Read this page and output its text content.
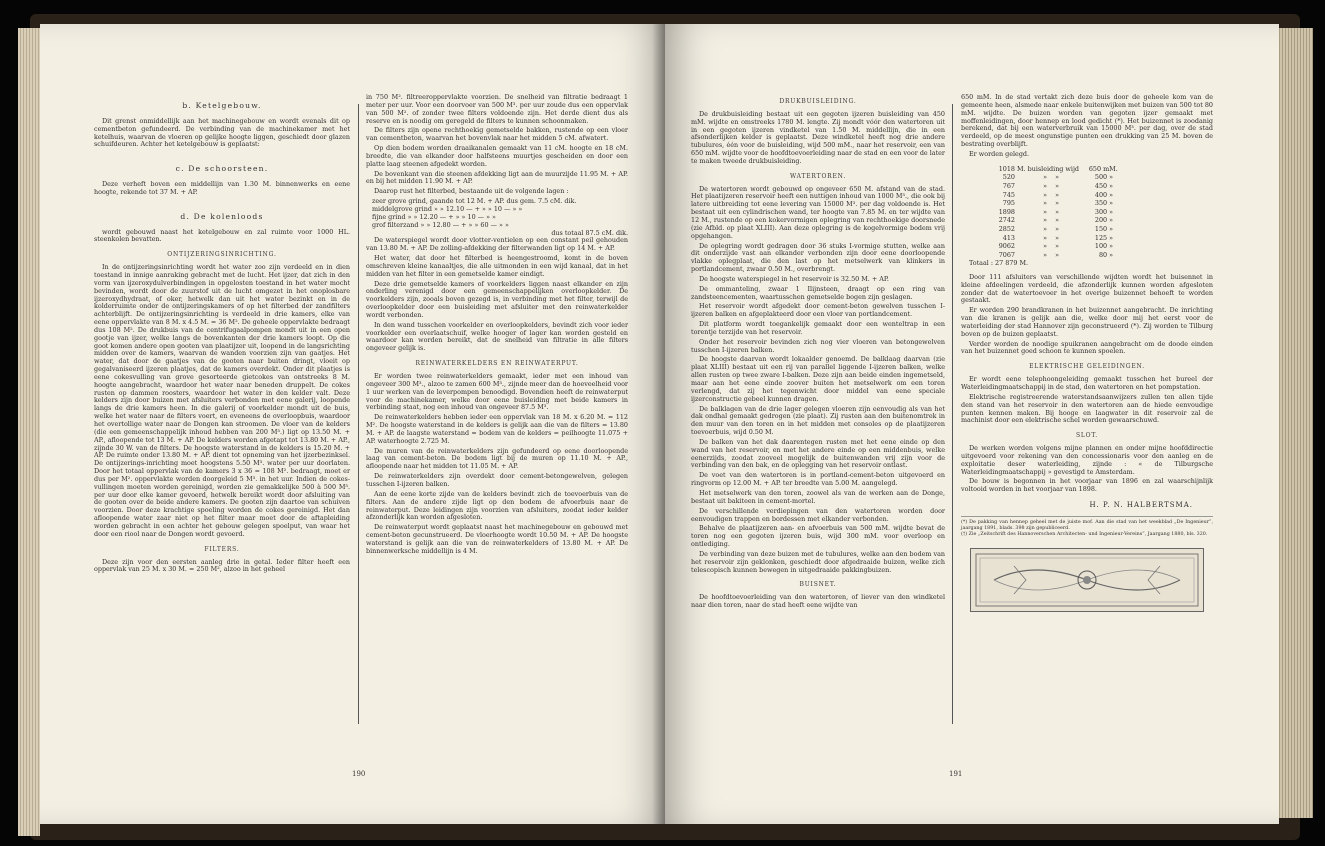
b. Ketelgebouw.

Dit grenst onmiddellijk aan het machinegebouw en wordt evenals dit op cementbeton gefundeerd. De verbinding van de machinekamer met het ketelhuis, waarvan de vloeren op gelijke hoogte liggen, geschiedt door glazen schuifdeuren. Achter het ketelgebouw is geplaatst:

c. De schoorsteen.

Deze verheft boven een middellijn van 1.30 M. binnenwerks en eene hoogte, rekende tot 37 M. + AP.

d. De kolenloods

wordt gebouwd naast het ketelgebouw en zal ruimte voor 1000 HL. steenkolen bevatten.

ONTIJZERINGSINRICHTING.

In de ontijzeringsinrichting wordt het water zoo zijn verdeeld en in dien toestand in innige aanraking gebracht met de lucht. Het ijzer, dat zich in den vorm van ijzeroxydulverbindingen in opgelosten toestand in het water mocht bevinden, wordt door de zuurstof uit de lucht omgezet in het onoplosbare ijzeroxydhydraat, of oker, hetwelk dan uit het water bezinkt en in de kolderruimte onder de ontijzeringskamers of op het filterbed der zandfilters achterblijft. De ontijzeringsinrichting is verdeeld in drie kamers, elke van eene oppervlakte van 8 M. x 4.5 M. = 36 M². De geheele oppervlakte bedraagt dus 108 M². De drukbuis van de centrifugaalpompen mondt uit in een open gootje van ijzer, welke langs de bovenkanten der drie kamers loopt. Op die goot komen andere open gooten van plaatijzer uit, loopend in de langsrichting midden over de kamers, waarvan de wanden voorzien zijn van gaatjes. Het water, dat door de gaatjes van de gooten naar buiten dringt, vloeit op gegalvaniseerd ijzeren plaatjes, dat de kamers overdekt. Onder dit plaatjes is eene cokesvulling van grove gesorteerde gietcokes van ontstreeks 8 M. hoogte aangebracht, waardoor het water naar beneden druppelt. De cokes rusten op dammen roosters, waardoor het water in den kelder valt. Deze kelders zijn door buizen met afsluiters verbonden met eene galerij, loopende langs de drie kamers heen. In die galerij of voorkelder mondt uit de buis, welke het water naar de filters voert, en eveneens de overloopbuis, waardoor het overtollige water naar de Dongen kan stroomen. De vloer van de kelders (die een gemeenschappelijk inhoud hebben van 200 M³.) ligt op 13.50 M. + AP., afloopende tot 13 M. + AP. De kelders worden afgetapt tot 13.80 M. + AP., zijnde 30 W. van de filters. De hoogste waterstand in de kelders is 15.20 M. + AP. De ruimte onder 13.80 M. + AP. dient tot opneming van het ijzerbezinksel. De ontijzerings-inrichting moet hoogstens 5.50 M³. water per uur doorlaten. Door het totaal oppervlak van de kamers 3 x 36 = 108 M². bedraagt, moet er dus per M². oppervlakte worden doorgeleid 5 M³. in het uur. Indien de cokes-vullingen moeten worden gereinigd, worden zie gemakkelijke 500 à 500 M³. per uur door elke kamer gevoerd, hetwelk bereikt wordt door afsluiting van de gooten over de beide andere kamers. De gooten zijn daartoe van schuiven voorzien. Door deze krachtige spoeling worden de cokes gereinigd. Het dan afloopende water zaar niet op het filter maar moet door de aftapleiding worden gebracht in een achter het gebouw gelegen spoelput, van waar het door een riool naar de Dongen wordt gevoerd.

FILTERS.

Deze zijn voor den eersten aanleg drie in getal. Ieder filter heeft een oppervlak van 25 M. x 30 M. = 250 M², alzoo in het geheel

in 750 M². filtreeroppervlakte voorzien. De snelheid van filtratie bedraagt 1 meter per uur. Voor een doorvoer van 500 M³. per uur zoude dus een oppervlak van 500 M². of zonder twee filters voldoende zijn. Het derde dient dus als reserve en is noodig om geregeld de filters te kunnen schoonmaken.

De filters zijn opene rechthoekig gemetselde bakken, rustende op een vloer van cementbeton, waarvan het bovenvlak naar het midden 5 cM. afwatert.

Op dien bodem worden draaikanalen gemaakt van 11 cM. hoogte en 18 cM. breedte, die van elkander door halfsteens muurtjes gescheiden en door een platte laag steenen afgedekt worden.

De bovenkant van die steenen afdekking ligt aan de muurzijde 11.95 M. + AP. en bij het midden 11.90 M. + AP.

Daarop rust het filterbed, bestaande uit de volgende lagen :

zeer grove grind, gaande tot 12 M. + AP. dus gem. 7.5 cM. dik.
middelgrove grind » » 12.10 — + » » 10 — » »
fijne grind » » 12.20 — + » » 10 — » »
grof filterzand » » 12.80 — + » » 60 — » »
dus totaal 87.5 cM. dik.

De waterspiegel wordt door vlotter-ventielen op een constant peil gehouden van 13.80 M. + AP. De zolling-afdekking der filterwanden ligt op 14 M. + AP.

Het water, dat door het filterbed is heengestroomd, komt in de boven omschreven kleine kanaaltjes, die alle uitmonden in een wijd kanaal, dat in het midden van het filter in een gemetselde kamer eindigt.

Deze drie gemetselde kamers of voorkelders liggen naast elkander en zijn onderling verenigd door een gemeenschappelijken overloopkelder. De voorkelders zijn, zooals boven gezegd is, in verbinding met het filter, terwijl de overloopkelder door een buisleiding met afsluiter met den reinwaterkelder wordt verbonden.

In den wand tusschen voorkelder en overloopkelders, bevindt zich voor ieder voorkelder een overlaatschuif, welke hooger of lager kan worden gesteld en waardoor kan worden bereikt, dat de snelheid van filtratie in alle filters ongeveer gelijk is.

REINWATERKELDERS EN REINWATERPUT.

Er worden twee reinwaterkelders gemaakt, ieder met een inhoud van ongeveer 300 M³., alzoo te zamen 600 M³., zijnde meer dan de hoeveelheid voor 1 uur werken van de leverpompen benoodigd. Bovendien heeft de reinwaterput voor de machinekamer, welke door eene buisleiding met beide kamers in verbinding staat, nog een inhoud van ongeveer 87.5 M³.

De reinwaterkelders hebben ieder een oppervlak van 18 M. x 6.20 M. = 112 M². De hoogste waterstand in de kelders is gelijk aan die van de filters = 13.80 M. + AP. de laagste waterstand = bodem van de kelders = peilhoogte 11.075 + AP. waterhoogte 2.725 M.

De muren van de reinwaterkelders zijn gefundeerd op eene doorloopende laag van cement-beton. De bodem ligt bij de muren op 11.10 M. + AP., afloopende naar het midden tot 11.05 M. + AP.

De reinwaterkelders zijn overdekt door cement-betongewelven, gelegen tusschen I-ijzeren balken.

Aan de eene korte zijde van de kelders bevindt zich de toevoerbuis van de filters. Aan de andere zijde ligt op den bodem de afvoerbuis naar de reinwaterput. Deze leidingen zijn voorzien van afsluiters, zoodat ieder kelder afzonderlijk kan worden afgesloten.

De reinwaterput wordt geplaatst naast het machinegebouw en gebouwd met cement-beton gecunstrueerd. De vloerhoogte wordt 10.50 M. + AP. De hoogste waterstand is gelijk aan die van de reinwaterkelders of 13.80 M. + AP. De binnenwerksche middellijn is 4 M.

190
DRUKBUISLEIDING.

De drukbuisleiding bestaat uit een gegoten ijzeren buisleiding van 450 mM. wijdte en omstreeks 1780 M. lengte. Zij mondt vóór den watertoren uit in een gegoten ijzeren vindketel van 1.50 M. middellijn, die in een afsonderlijken kelder is geplaatst. Deze windketel heeft nog drie andere tubulures, één voor de buisleiding, wijd 500 mM., naar het reservoir, een van 650 mM. wijdte voor de hoofdtoevoerleiding naar de stad en een voor de later te maken tweede drukbuisleiding.

WATERTOREN.

De watertoren wordt gebouwd op ongeveer 650 M. afstand van de stad. Het plaatijzeren reservoir heeft een nuttigen inhoud van 1000 M³., die ook bij latere uitbreiding tot eene levering van 15000 M³. per dag voldoende is. Het bestaat uit een cylindrischen wand, ter hoogte van 7.85 M. en ter wijdte van 12 M., rustende op een kokervormigen oplegring van rechthoekige doorsnede (zie Afbld. op plaat XLIII). Aan deze oplegring is de kogelvormige bodem vrij opgehangen.

De oplegring wordt gedragen door 36 stuks I-vormige stutten, welke aan dit onderzijde vast aan elkander verbonden zijn door eene doorloopende vlakke oplegplaat, die den last op het metselwerk van klinkers in portlandcement, zwaar 0.50 M., overbrengt.

De hoogste waterspiegel in het reservoir is 32.50 M. + AP.

De ommanteling, zwaar 1 Ilijnsteen, draagt op een ring van zandsteencementen, waartusschen gemetselde bogen zijn geslagen.

Het reservoir wordt afgedekt door cement-beton gewelven tusschen I-ijzeren balken en afgeplakteerd door een vloer van portlandcement.

Dit platform wordt toegankelijk gemaakt door een wenteltrap in een torentje terzijde van het reservoir.

Onder het reservoir bevinden zich nog vier vloeren van betongewelven tusschen I-ijzeren balken.

De hoogste daarvan wordt lokaalder genoemd. De balklaag daarvan (zie plaat XLIII) bestaat uit een rij van parallel liggende I-ijzeren balken, welke allen rusten op twee zware I-balken. Deze zijn aan beide einden ingemetseld, maar aan het eene einde zoover buiten het metselwerk om een toren verlengd, dat zij het tegenwicht door middel van eene speciale ijzerconstructie gebeel kunnen dragen.

De balklagen van de drie lager gelegen vloeren zijn eenvoudig als van het dak ondhal gemaakt gedrogen (zie plaat). Zij rusten aan den buitenomtrek in den muur van den toren en in het midden met consoles op de plaatijzeren toevoerbuis, wijd 0.50 M.

De balken van het dak daarentegen rusten met het eene einde op den wand van het reservoir, en met het andere einde op een middenbuis, welke eenerzijds, zoodat zooveel mogelijk de buitenwanden vrij zijn voor de verbinding van den bak, en de oplegging van het reservoir ontlast.

De voet van den watertoren is in portland-cement-beton uitgevoerd en ringvorm op 12.00 M. + AP. ter breedte van 5.00 M. aangelegd.

Het metselwerk van den toren, zoowel als van de werken aan de Donge, bestaat uit bakiteen in cement-mortel.

De verschillende verdiepingen van den watertoren worden door eenvoudigen trappen en bordessen met elkander verbonden.

Behalve de plaatijzeren aan- en afvoerbuis van 500 mM. wijdte bevat de toren nog een gegoten ijzeren buis, wijd 300 mM. voor overloop en ontlediging.

De verbinding van deze buizen met de tubulures, welke aan den bodem van het reservoir zijn geklonken, geschiedt door afgedraaide buizen, welke zich telescopisch kunnen bewegen in uitgedraaide pakkingbuizen.

BUISNET.

De hoofdtoevoerleiding van den watertoren, of liever van den windketel naar dien toren, naar de stad heeft eene wijdte van

650 mM. In de stad vertakt zich deze buis door de geheele kom van de gemeente heen, alsmede naar enkele buitenwijken met buizen van 500 tot 80 mM. wijdte. De buizen worden van gegoten ijzer gemaakt met moffenleidingen, door hennep en lood gedicht (*). Het buizennet is zoodanig berekend, dat bij een waterverbruik van 15000 M³. per dag, over de stad verdeeld, op de meest ongunstige punten een drukking van 25 M. boven de bestrating overblijft.

Er worden gelegd.

1018 M. buisleiding wijd 650 mM.
520	»    »	500 »
767	»    »	450 »
745	»    »	400 »
795	»    »	350 »
1898	»    »	300 »
2742	»    »	200 »
2852	»    »	150 »
413	»    »	125 »
9062	»    »	100 »
7067	»    »	80 »
Totaal : 27 879 M.

Door 111 afsluiters van verschillende wijdten wordt het buisennet in kleine afdeelingen verdeeld, die afzonderlijk kunnen worden afgesloten zonder dat de watertoevoer in het overige buizennet behoeft te worden gestaakt.

Er worden 290 brandkranen in het buizennet aangebracht. De inrichting van die kranen is gelijk aan die, welke door mij het eerst voor de waterleiding der stad Hannover zijn geconstrueerd (*). Zij worden te Tilburg boven op de buizen geplaatst.

Verder worden de noodige spuikranen aangebracht om de doode einden van het buizennet goed schoon te kunnen spoelen.

ELEKTRISCHE GELEIDINGEN.

Er wordt eene telephoongeleiding gemaakt tusschen het bureel der Waterleidingmaatschappij in de stad, den watertoren en het pompstation.

Elektrische registreerende waterstandsaanwijzers zullen ten allen tijde den stand van het reservoir in den watertoren aan de hiede eenvoudige punten kennen maken. Bij hooge en laagwater in dit reservoir zal de machinist door een elektrische schel worden gewaarschuwd.

SLOT.

De werken worden volgens mijne plannen en onder mijne hoofddirectie uitgevoerd voor rekening van den concessionaris voor den aanleg en de exploitatie deser waterleiding, zijnde : « de Tilburgsche Waterleidingmaatschappij » gevestigd te Amsterdam.

De bouw is begonnen in het voorjaar van 1896 en zal waarschijnlijk voltooid worden in het voorjaar van 1898.

H. P. N. HALBERTSMA.
(*) De pakking van hennep geheel met de juiste mof. Aan die stad van het weekblad „De Ingenieur”, jaargang 1891, blads. 398 zijn gepubliceerd.
(†) Zie „Zeitschrift des Hannoverschen Architecten- und Ingenieur-Vereins”, Jaargang 1880, bls. 320.
191
